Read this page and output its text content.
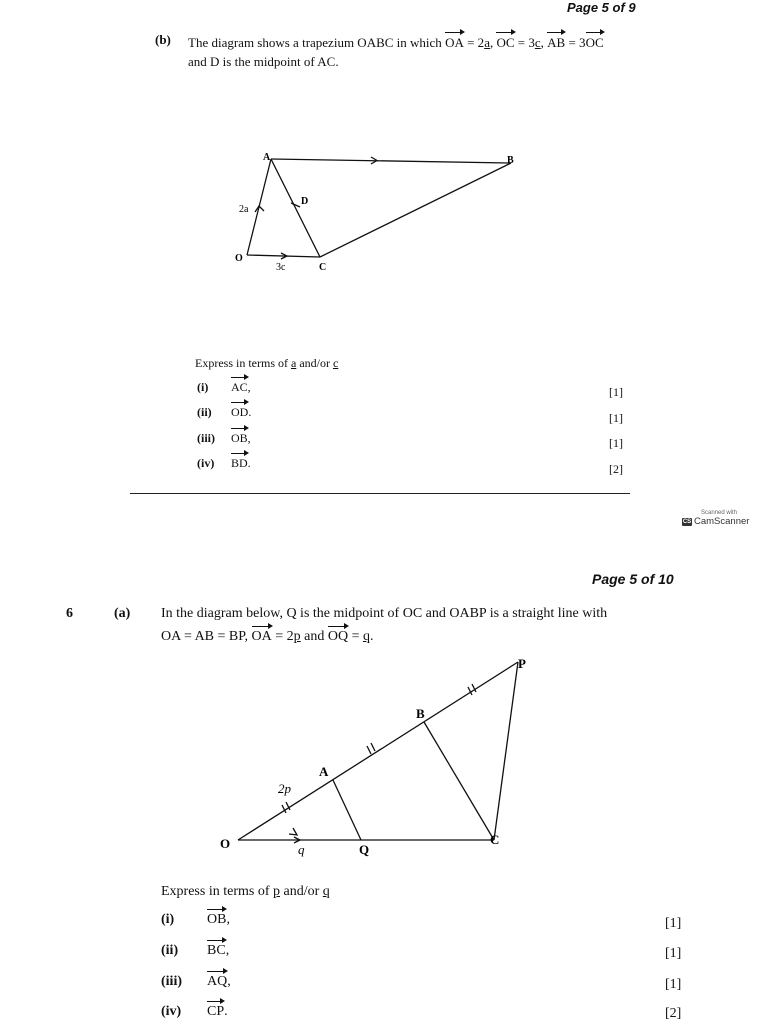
Page 5 of 9
(b) The diagram shows a trapezium OABC in which OA = 2a, OC = 3c, AB = 3OC
and D is the midpoint of AC.
A	B
O
C
D
2a
3c
Express in terms of a and/or c
(i)	AC ,	[1]
(ii)	OD .	[1]
(iii)	OB ,	[1]
(iv)	BD .	[2]
Scanned with
CS CamScanner
Page 5 of 10
6	(a) In the diagram below, Q is the midpoint of OC and OABP is a straight line with
OA = AB = BP, OA = 2p and OQ = q.
O
A
B
P
Q
C
2p
q
Express in terms of p and/or q
(i)	OB ,	[1]
(ii)	BC ,	[1]
(iii)	AQ ,	[1]
(iv)	CP .	[2]
